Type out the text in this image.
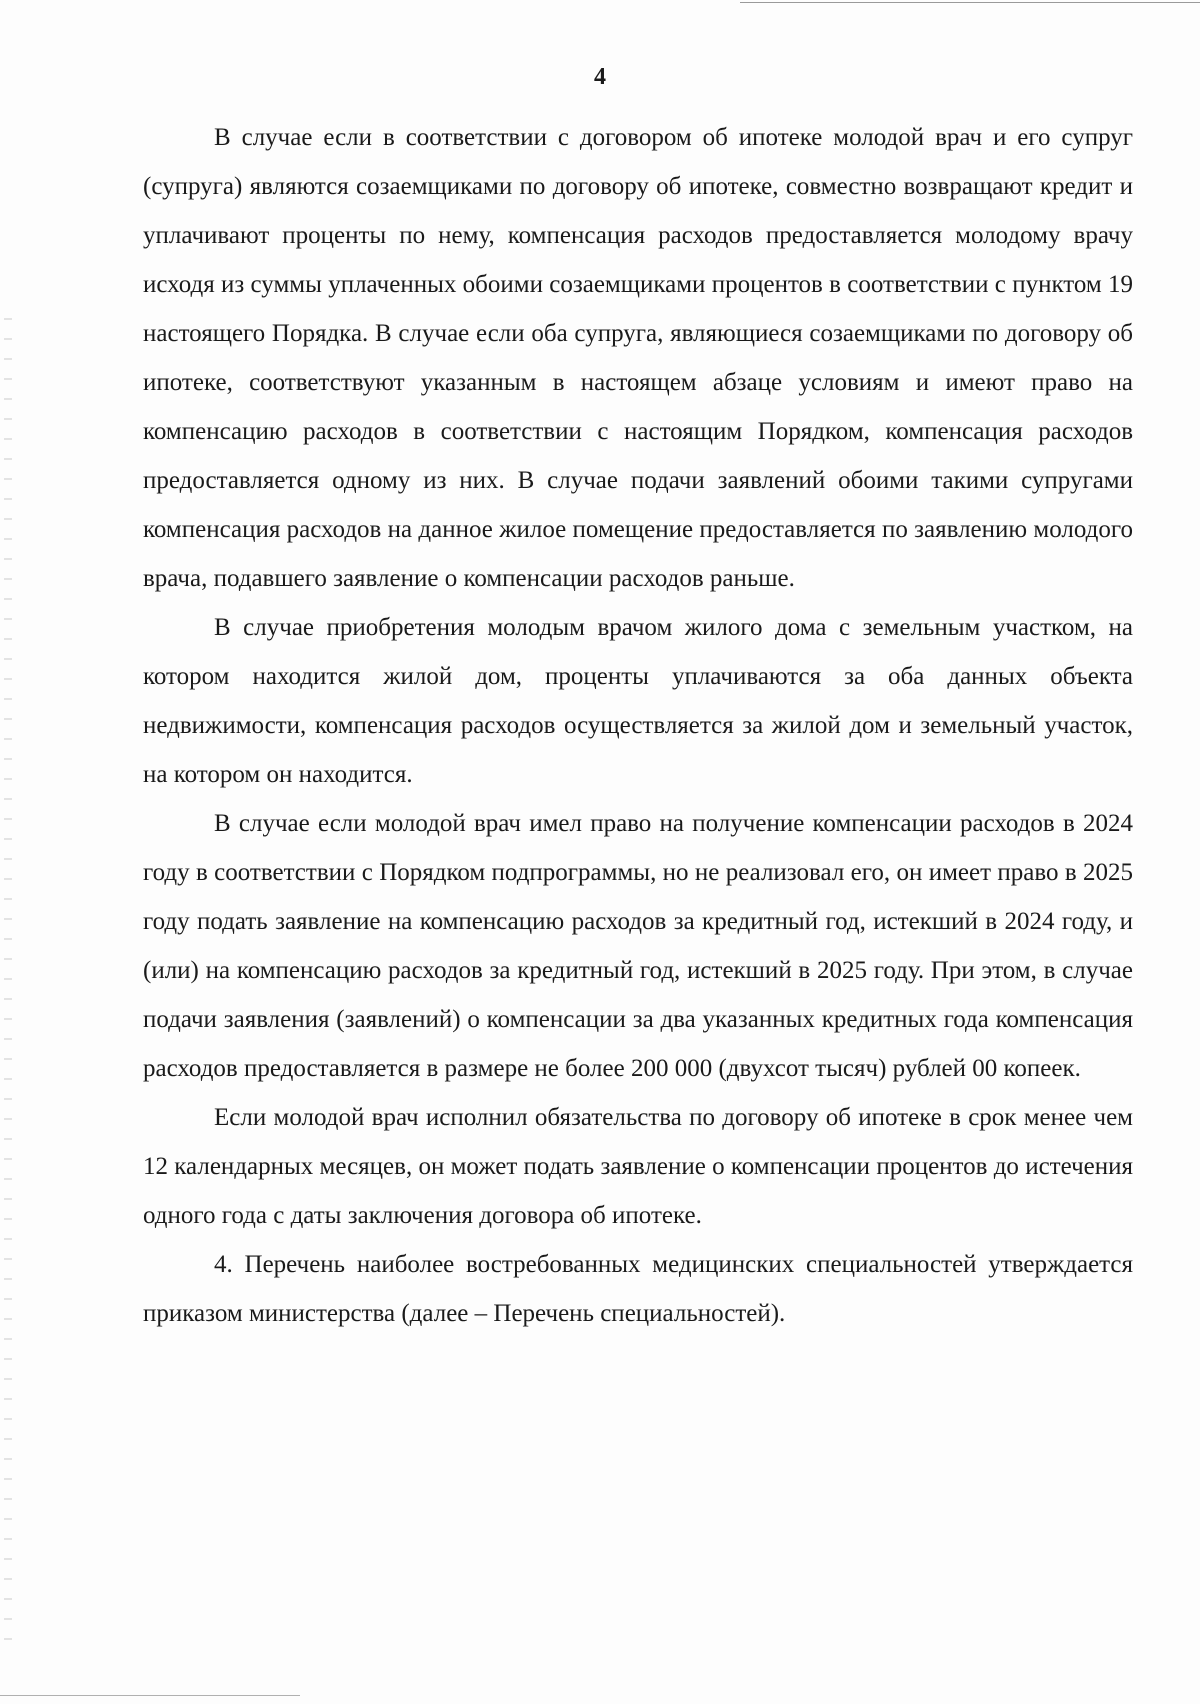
4

В случае если в соответствии с договором об ипотеке молодой врач и его супруг (супруга) являются созаемщиками по договору об ипотеке, совместно возвращают кредит и уплачивают проценты по нему, компенсация расходов предоставляется молодому врачу исходя из суммы уплаченных обоими созаемщиками процентов в соответствии с пунктом 19 настоящего Порядка. В случае если оба супруга, являющиеся созаемщиками по договору об ипотеке, соответствуют указанным в настоящем абзаце условиям и имеют право на компенсацию расходов в соответствии с настоящим Порядком, компенсация расходов предоставляется одному из них. В случае подачи заявлений обоими такими супругами компенсация расходов на данное жилое помещение предоставляется по заявлению молодого врача, подавшего заявление о компенсации расходов раньше.

В случае приобретения молодым врачом жилого дома с земельным участком, на котором находится жилой дом, проценты уплачиваются за оба данных объекта недвижимости, компенсация расходов осуществляется за жилой дом и земельный участок, на котором он находится.

В случае если молодой врач имел право на получение компенсации расходов в 2024 году в соответствии с Порядком подпрограммы, но не реализовал его, он имеет право в 2025 году подать заявление на компенсацию расходов за кредитный год, истекший в 2024 году, и (или) на компенсацию расходов за кредитный год, истекший в 2025 году. При этом, в случае подачи заявления (заявлений) о компенсации за два указанных кредитных года компенсация расходов предоставляется в размере не более 200 000 (двухсот тысяч) рублей 00 копеек.

Если молодой врач исполнил обязательства по договору об ипотеке в срок менее чем 12 календарных месяцев, он может подать заявление о компенсации процентов до истечения одного года с даты заключения договора об ипотеке.

4. Перечень наиболее востребованных медицинских специальностей утверждается приказом министерства (далее – Перечень специальностей).
